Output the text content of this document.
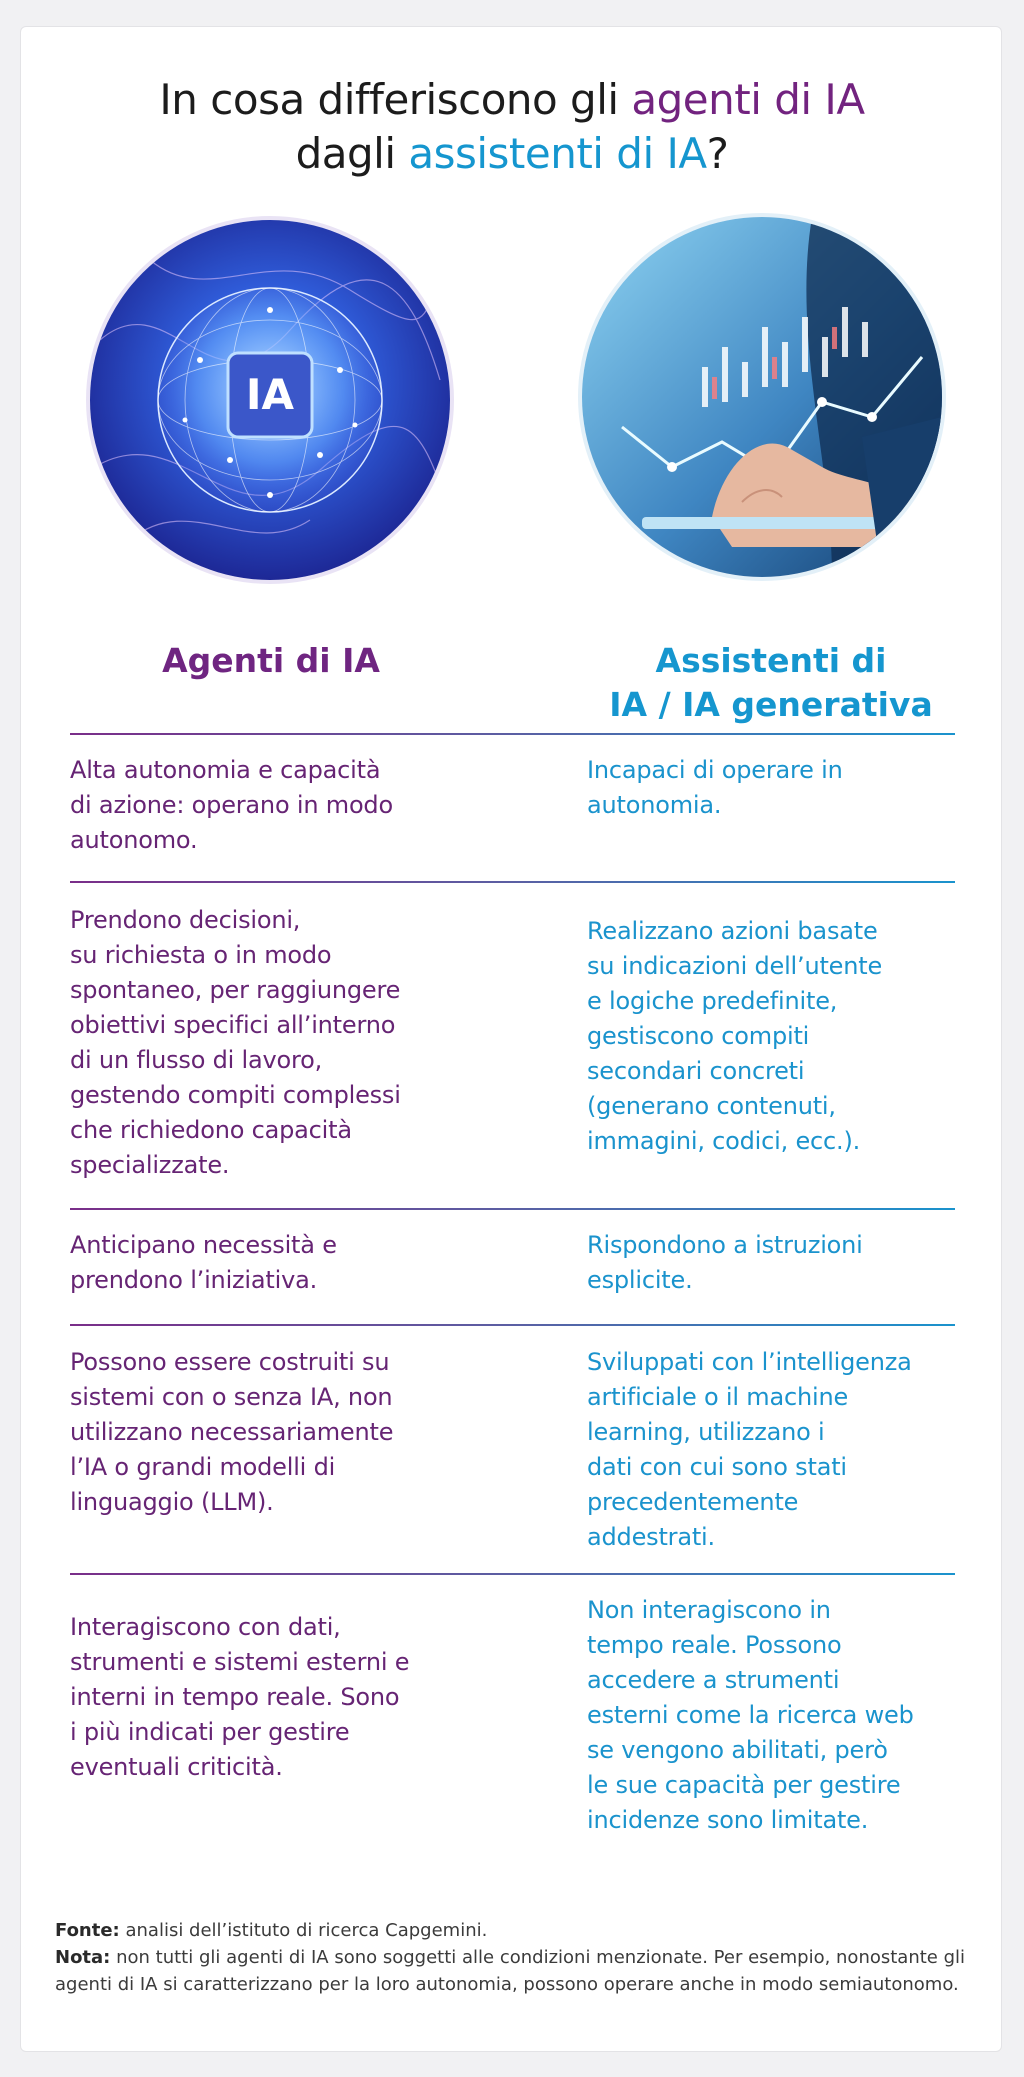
In cosa differiscono gli agenti di IA
dagli assistenti di IA?
IA
Agenti di IA	Assistenti di
IA / IA generativa

Alta autonomia e capacità
di azione: operano in modo
autonomo.

Incapaci di operare in
autonomia.

Prendono decisioni,
su richiesta o in modo
spontaneo, per raggiungere
obiettivi specifici all’interno
di un flusso di lavoro,
gestendo compiti complessi
che richiedono capacità
specializzate.

Realizzano azioni basate
su indicazioni dell’utente
e logiche predefinite,
gestiscono compiti
secondari concreti
(generano contenuti,
immagini, codici, ecc.).

Anticipano necessità e
prendono l’iniziativa.

Rispondono a istruzioni
esplicite.

Possono essere costruiti su
sistemi con o senza IA, non
utilizzano necessariamente
l’IA o grandi modelli di
linguaggio (LLM).

Sviluppati con l’intelligenza
artificiale o il machine
learning, utilizzano i
dati con cui sono stati
precedentemente
addestrati.

Interagiscono con dati,
strumenti e sistemi esterni e
interni in tempo reale. Sono
i più indicati per gestire
eventuali criticità.

Non interagiscono in
tempo reale. Possono
accedere a strumenti
esterni come la ricerca web
se vengono abilitati, però
le sue capacità per gestire
incidenze sono limitate.

Fonte: analisi dell’istituto di ricerca Capgemini.
Nota: non tutti gli agenti di IA sono soggetti alle condizioni menzionate. Per esempio, nonostante gli agenti di IA si caratterizzano per la loro autonomia, possono operare anche in modo semiautonomo.
